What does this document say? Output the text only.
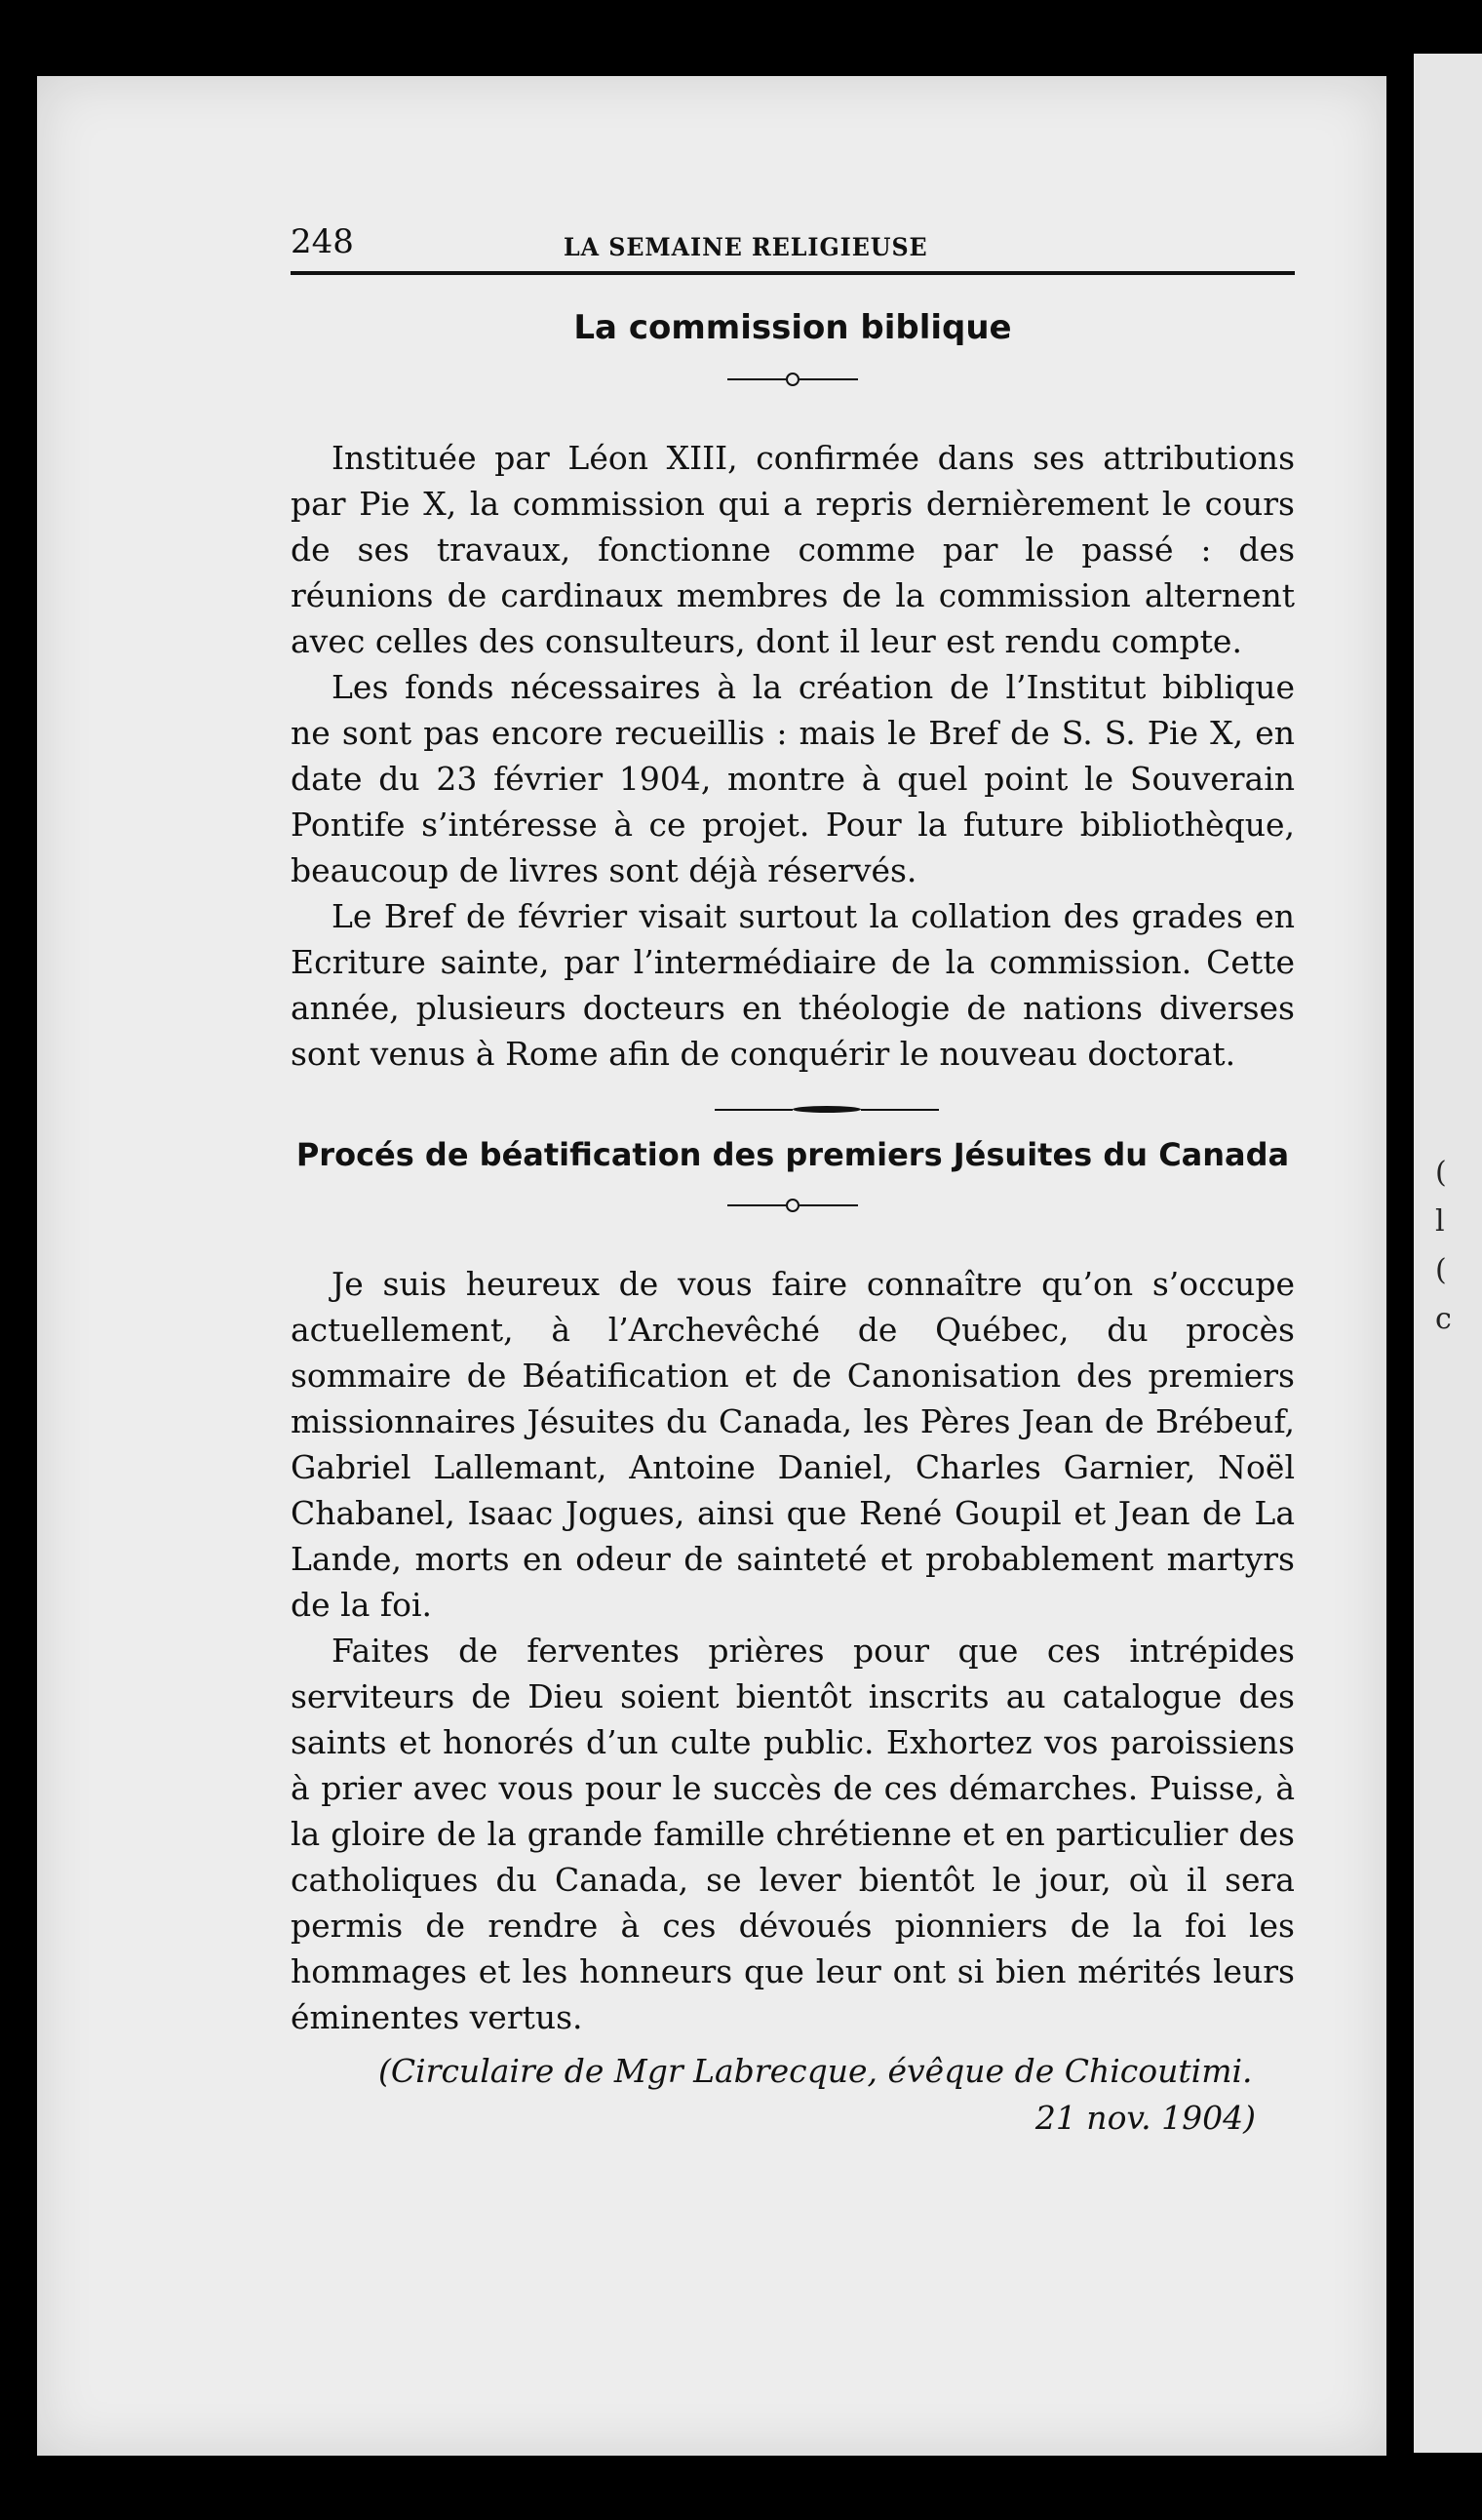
(
l
(
c
248	LA SEMAINE RELIGIEUSE
La commission biblique

Instituée par Léon XIII, confirmée dans ses attributions par Pie X, la commission qui a repris dernièrement le cours de ses travaux, fonctionne comme par le passé : des réunions de cardinaux membres de la commission alternent avec celles des consulteurs, dont il leur est rendu compte.

Les fonds nécessaires à la création de l’Institut biblique ne sont pas encore recueillis : mais le Bref de S. S. Pie X, en date du 23 février 1904, montre à quel point le Souverain Pontife s’intéresse à ce projet. Pour la future bibliothèque, beaucoup de livres sont déjà réservés.

Le Bref de février visait surtout la collation des grades en Ecriture sainte, par l’intermédiaire de la commission. Cette année, plusieurs docteurs en théologie de nations diverses sont venus à Rome afin de conquérir le nouveau doctorat.

Procés de béatification des premiers Jésuites du Canada

Je suis heureux de vous faire connaître qu’on s’occupe actuellement, à l’Archevêché de Québec, du procès sommaire de Béatification et de Canonisation des premiers missionnaires Jésuites du Canada, les Pères Jean de Brébeuf, Gabriel Lallemant, Antoine Daniel, Charles Garnier, Noël Chabanel, Isaac Jogues, ainsi que René Goupil et Jean de La Lande, morts en odeur de sainteté et probablement martyrs de la foi.

Faites de ferventes prières pour que ces intrépides serviteurs de Dieu soient bientôt inscrits au catalogue des saints et honorés d’un culte public. Exhortez vos paroissiens à prier avec vous pour le succès de ces démarches. Puisse, à la gloire de la grande famille chrétienne et en particulier des catholiques du Canada, se lever bientôt le jour, où il sera permis de rendre à ces dévoués pionniers de la foi les hommages et les honneurs que leur ont si bien mérités leurs éminentes vertus.

(Circulaire de Mgr Labrecque, évêque de Chicoutimi.
21 nov. 1904)
